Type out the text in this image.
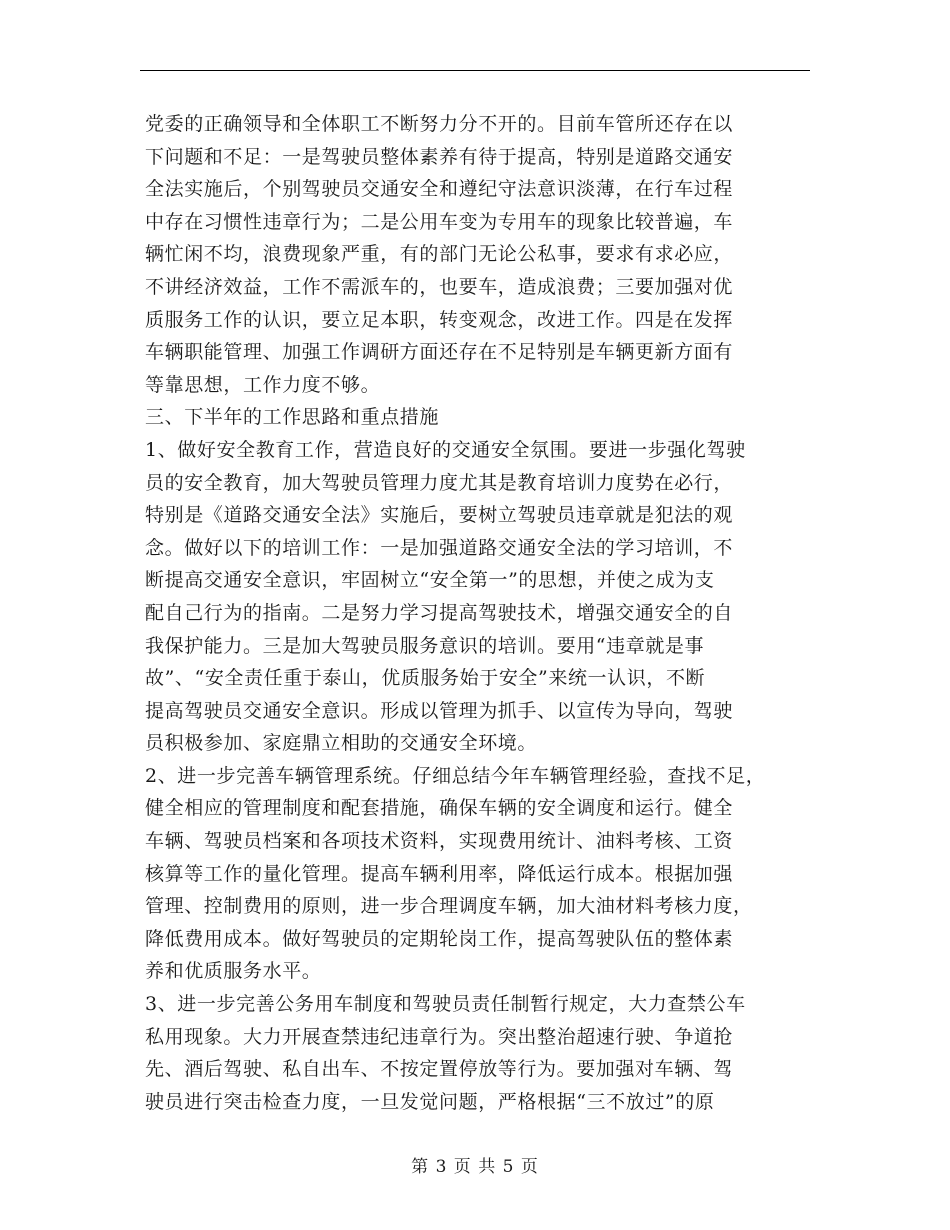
党委的正确领导和全体职工不断努力分不开的。目前车管所还存在以
下问题和不足：一是驾驶员整体素养有待于提高，特别是道路交通安
全法实施后，个别驾驶员交通安全和遵纪守法意识淡薄，在行车过程
中存在习惯性违章行为；二是公用车变为专用车的现象比较普遍，车
辆忙闲不均，浪费现象严重，有的部门无论公私事，要求有求必应，
不讲经济效益，工作不需派车的，也要车，造成浪费；三要加强对优
质服务工作的认识，要立足本职，转变观念，改进工作。四是在发挥
车辆职能管理、加强工作调研方面还存在不足特别是车辆更新方面有
等靠思想，工作力度不够。
三、下半年的工作思路和重点措施
1、做好安全教育工作，营造良好的交通安全氛围。要进一步强化驾驶
员的安全教育，加大驾驶员管理力度尤其是教育培训力度势在必行，
特别是《道路交通安全法》实施后，要树立驾驶员违章就是犯法的观
念。做好以下的培训工作：一是加强道路交通安全法的学习培训，不
断提高交通安全意识，牢固树立“安全第一”的思想，并使之成为支
配自己行为的指南。二是努力学习提高驾驶技术，增强交通安全的自
我保护能力。三是加大驾驶员服务意识的培训。要用“违章就是事
故”、“安全责任重于泰山，优质服务始于安全”来统一认识，不断
提高驾驶员交通安全意识。形成以管理为抓手、以宣传为导向，驾驶
员积极参加、家庭鼎立相助的交通安全环境。
2、进一步完善车辆管理系统。仔细总结今年车辆管理经验，查找不足，
健全相应的管理制度和配套措施，确保车辆的安全调度和运行。健全
车辆、驾驶员档案和各项技术资料，实现费用统计、油料考核、工资
核算等工作的量化管理。提高车辆利用率，降低运行成本。根据加强
管理、控制费用的原则，进一步合理调度车辆，加大油材料考核力度，
降低费用成本。做好驾驶员的定期轮岗工作，提高驾驶队伍的整体素
养和优质服务水平。
3、进一步完善公务用车制度和驾驶员责任制暂行规定，大力查禁公车
私用现象。大力开展查禁违纪违章行为。突出整治超速行驶、争道抢
先、酒后驾驶、私自出车、不按定置停放等行为。要加强对车辆、驾
驶员进行突击检查力度，一旦发觉问题，严格根据“三不放过”的原
第 3 页 共 5 页
